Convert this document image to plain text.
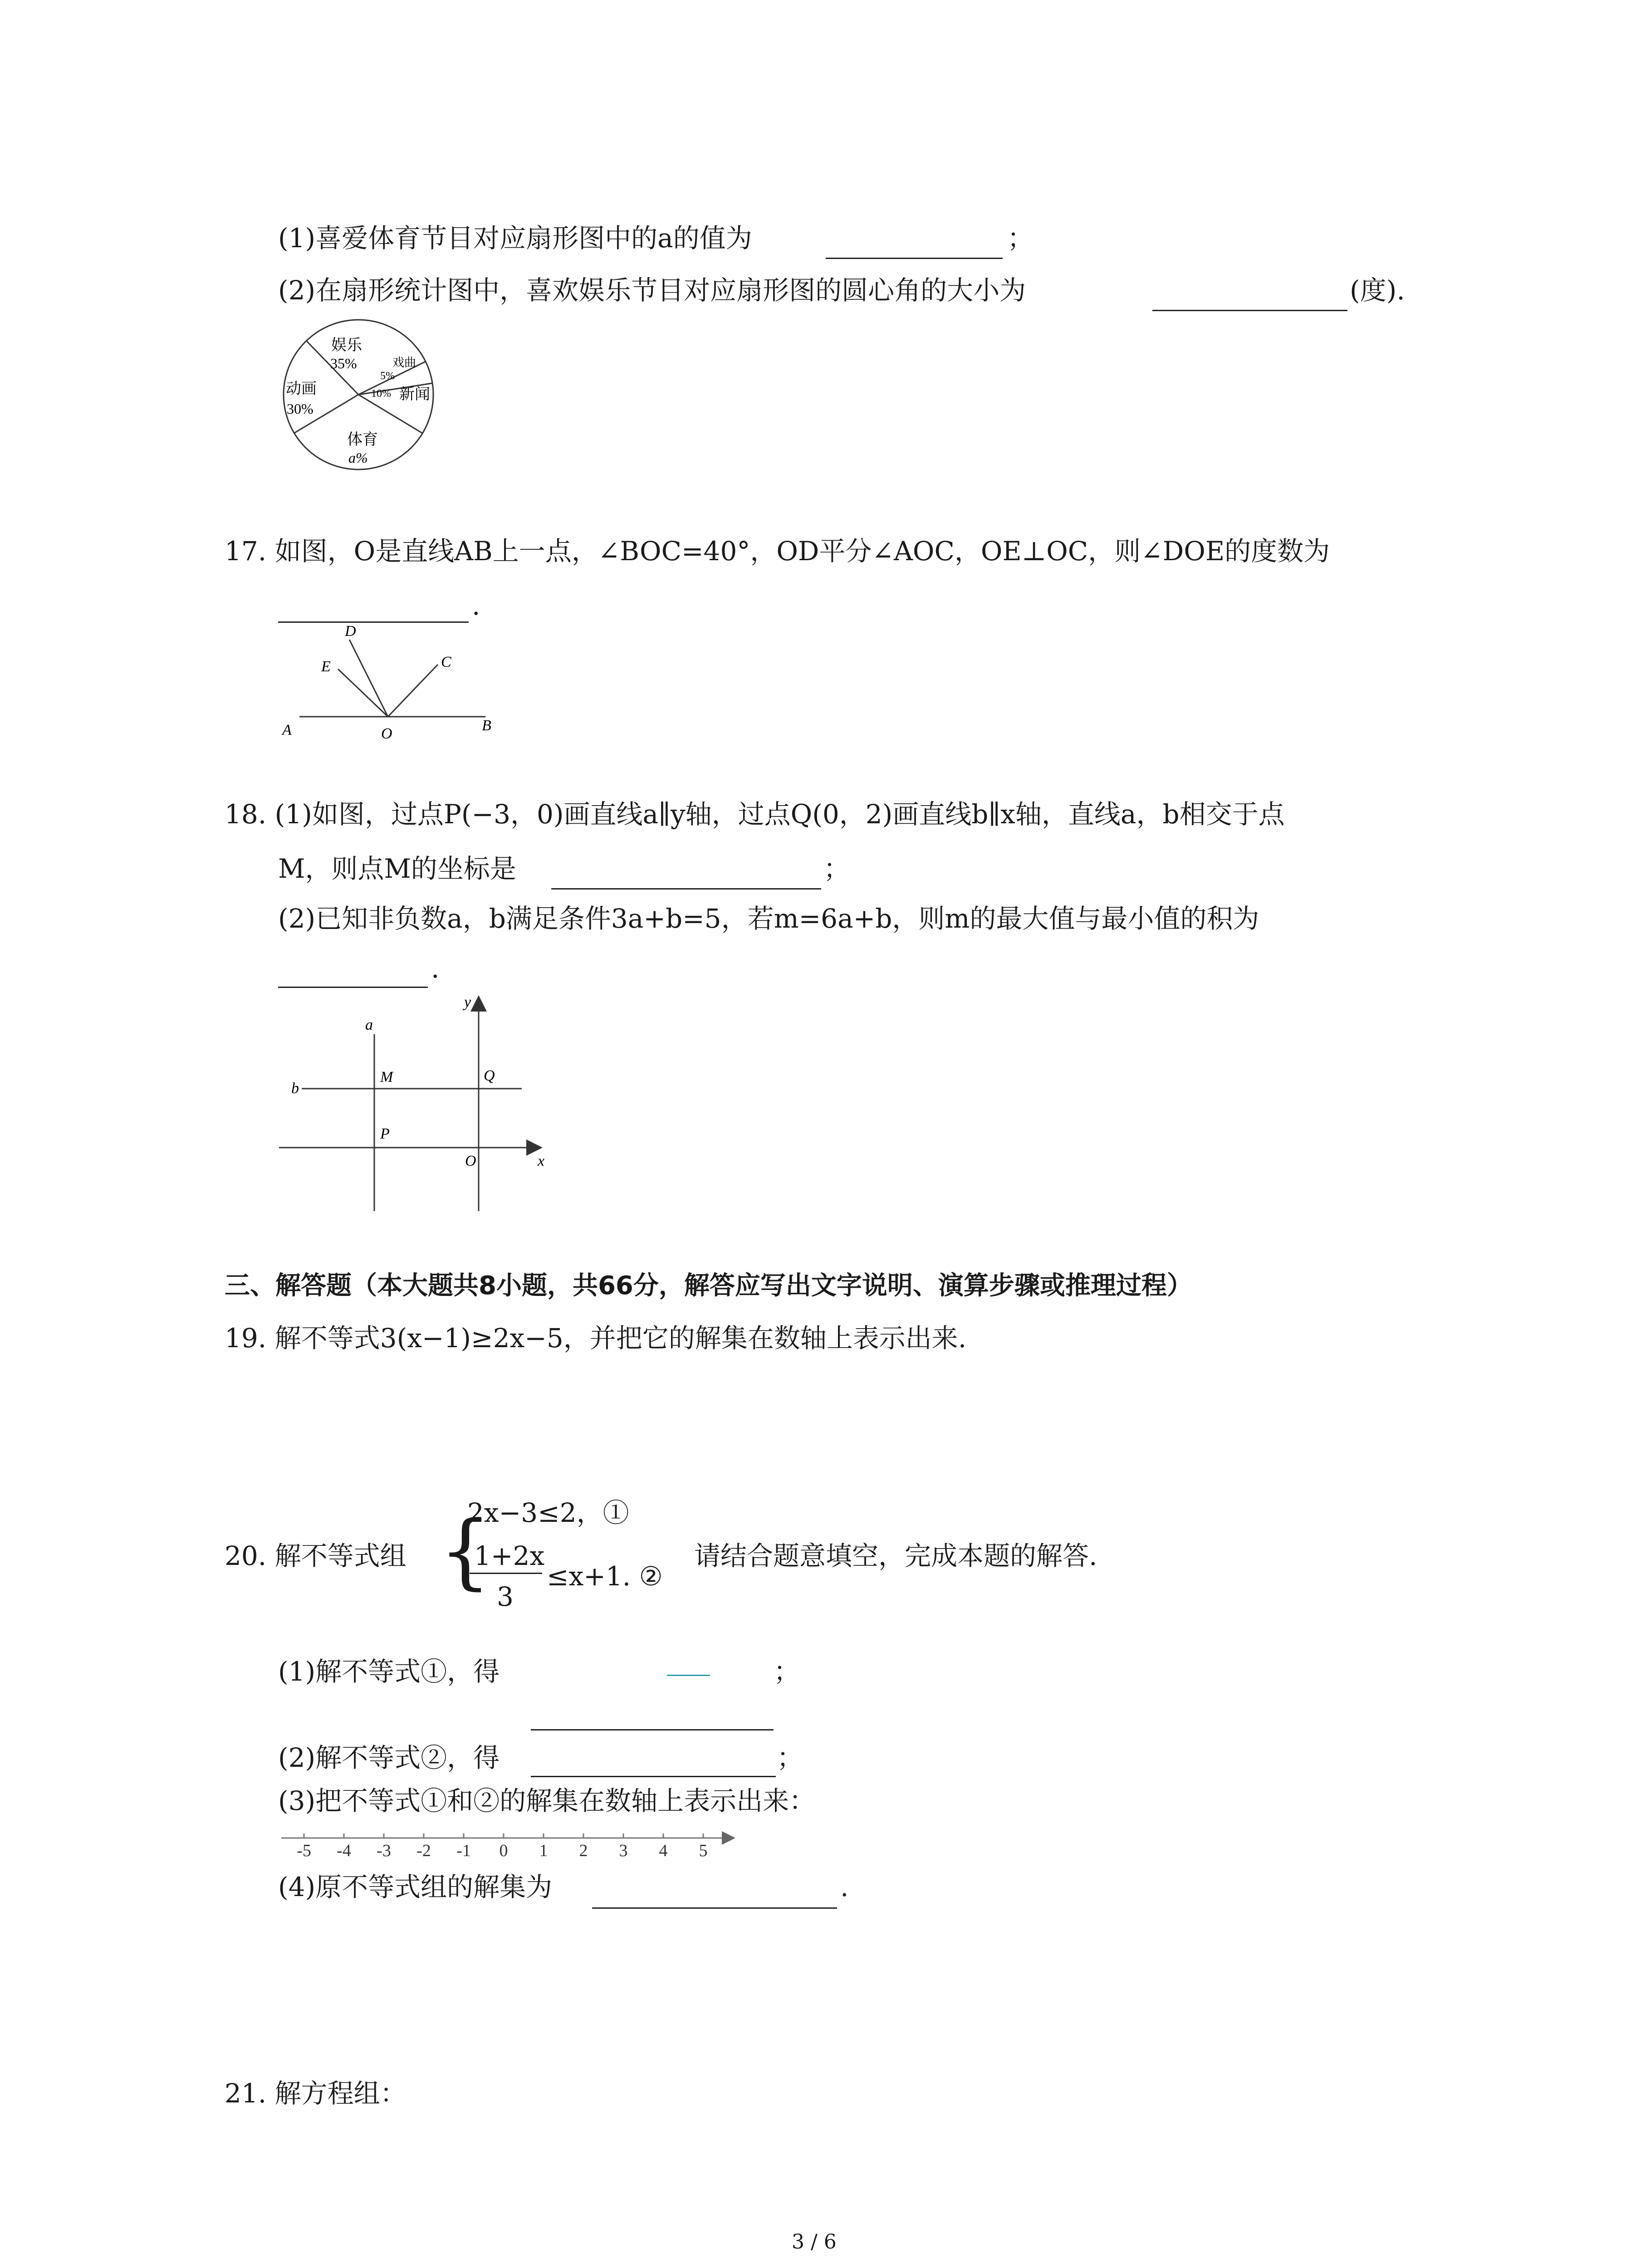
(1)喜爱体育节目对应扇形图中的a的值为	；
(2)在扇形统计图中，喜欢娱乐节目对应扇形图的圆心角的大小为	(度).
娱乐
35%	戏曲
5%
10% 新闻
动画
30%
体育
a%
17. 如图，O是直线AB上一点，∠BOC=40°，OD平分∠AOC，OE⊥OC，则∠DOE的度数为
.
D
E	C
A	O	B
18. (1)如图，过点P(−3，0)画直线a∥y轴，过点Q(0，2)画直线b∥x轴，直线a，b相交于点
M，则点M的坐标是	；
(2)已知非负数a，b满足条件3a+b=5，若m=6a+b，则m的最大值与最小值的积为
.
y
a
M	Q
b
P
O	x
三、解答题（本大题共8小题，共66分，解答应写出文字说明、演算步骤或推理过程）
19. 解不等式3(x−1)≥2x−5，并把它的解集在数轴上表示出来.
20. 解不等式组 {
2x−3≤2，①
1+2x
3
≤x+1. ②
请结合题意填空，完成本题的解答.
(1)解不等式①，得	；
(2)解不等式②，得	；
(3)把不等式①和②的解集在数轴上表示出来：
-5 -4 -3 -2 -1 0 1 2 3 4 5
(4)原不等式组的解集为	.
21. 解方程组：
3 / 6
